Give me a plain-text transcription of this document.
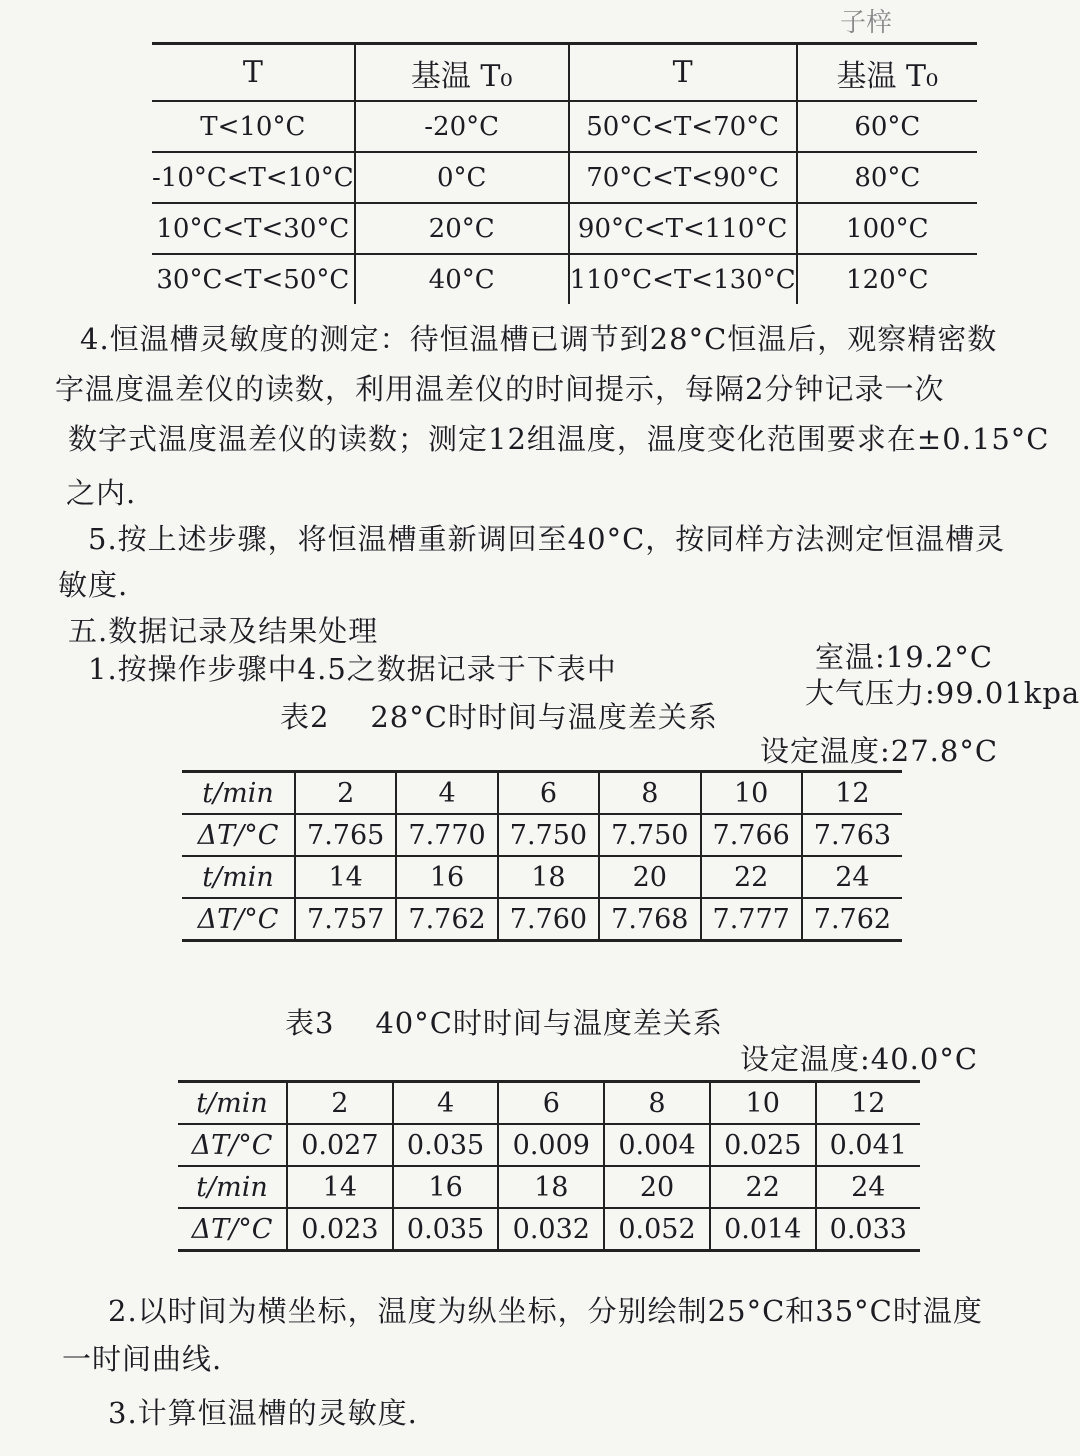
子梓
T	基温 T₀	T	基温 T₀
T<10°C	-20°C	50°C<T<70°C	60°C
-10°C<T<10°C	0°C	70°C<T<90°C	80°C
10°C<T<30°C	20°C	90°C<T<110°C	100°C
30°C<T<50°C	40°C	110°C<T<130°C	120°C
4.恒温槽灵敏度的测定：待恒温槽已调节到28°C恒温后，观察精密数
字温度温差仪的读数，利用温差仪的时间提示，每隔2分钟记录一次
数字式温度温差仪的读数；测定12组温度，温度变化范围要求在±0.15°C
之内.
5.按上述步骤，将恒温槽重新调回至40°C，按同样方法测定恒温槽灵
敏度.
五.数据记录及结果处理
1.按操作步骤中4.5之数据记录于下表中	室温:19.2°C
大气压力:99.01kpa
表2    28°C时时间与温度差关系
设定温度:27.8°C
t/min	2	4	6	8	10	12
ΔT/°C	7.765	7.770	7.750	7.750	7.766	7.763
t/min	14	16	18	20	22	24
ΔT/°C	7.757	7.762	7.760	7.768	7.777	7.762
表3    40°C时时间与温度差关系
设定温度:40.0°C
t/min	2	4	6	8	10	12
ΔT/°C	0.027	0.035	0.009	0.004	0.025	0.041
t/min	14	16	18	20	22	24
ΔT/°C	0.023	0.035	0.032	0.052	0.014	0.033
2.以时间为横坐标，温度为纵坐标，分别绘制25°C和35°C时温度
一时间曲线.
3.计算恒温槽的灵敏度.
